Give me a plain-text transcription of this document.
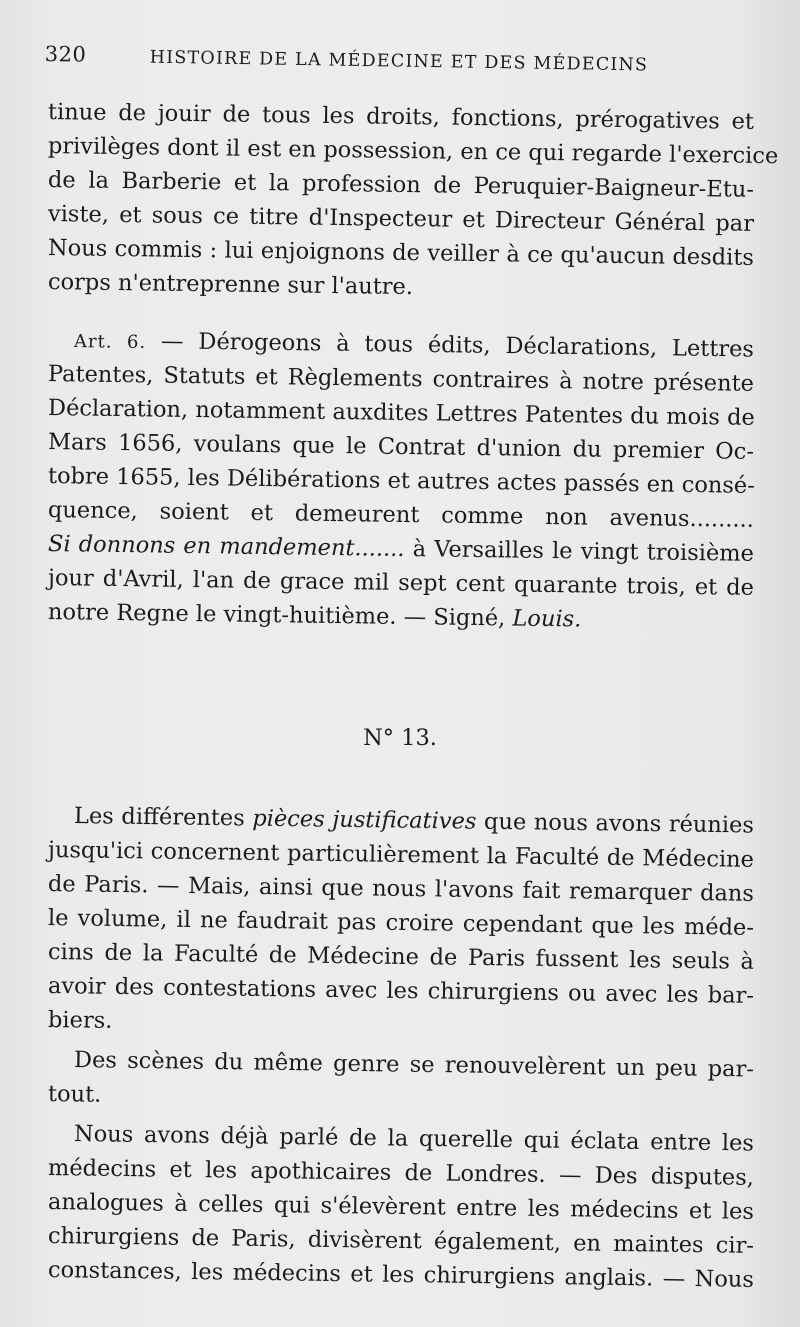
320	HISTOIRE DE LA MÉDECINE ET DES MÉDECINS
tinue de jouir de tous les droits, fonctions, prérogatives et
privilèges dont il est en possession, en ce qui regarde l'exercice
de la Barberie et la profession de Peruquier-Baigneur-Etu-
viste, et sous ce titre d'Inspecteur et Directeur Général par
Nous commis : lui enjoignons de veiller à ce qu'aucun desdits
corps n'entreprenne sur l'autre.
Art. 6. — Dérogeons à tous édits, Déclarations, Lettres
Patentes, Statuts et Règlements contraires à notre présente
Déclaration, notamment auxdites Lettres Patentes du mois de
Mars 1656, voulans que le Contrat d'union du premier Oc-
tobre 1655, les Délibérations et autres actes passés en consé-
quence, soient et demeurent comme non avenus.........
Si donnons en mandement....... à Versailles le vingt troisième
jour d'Avril, l'an de grace mil sept cent quarante trois, et de
notre Regne le vingt-huitième. — Signé, Louis.
N° 13.
Les différentes pièces justificatives que nous avons réunies
jusqu'ici concernent particulièrement la Faculté de Médecine
de Paris. — Mais, ainsi que nous l'avons fait remarquer dans
le volume, il ne faudrait pas croire cependant que les méde-
cins de la Faculté de Médecine de Paris fussent les seuls à
avoir des contestations avec les chirurgiens ou avec les bar-
biers.
Des scènes du même genre se renouvelèrent un peu par-
tout.
Nous avons déjà parlé de la querelle qui éclata entre les
médecins et les apothicaires de Londres. — Des disputes,
analogues à celles qui s'élevèrent entre les médecins et les
chirurgiens de Paris, divisèrent également, en maintes cir-
constances, les médecins et les chirurgiens anglais. — Nous
